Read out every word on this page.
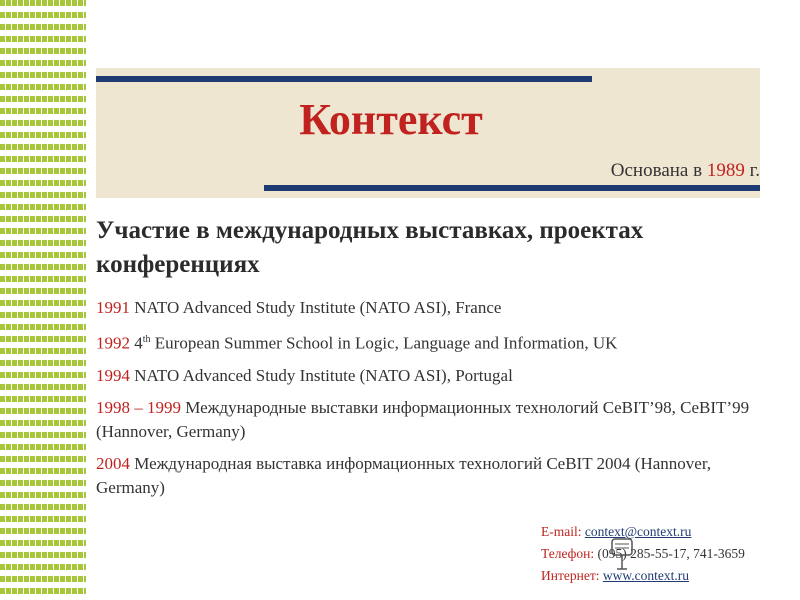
Контекст
Основана в 1989 г.
Участие в международных выставках, проектах конференциях

1991 NATO Advanced Study Institute (NATO ASI), France

1992 4th European Summer School in Logic, Language and Information, UK

1994 NATO Advanced Study Institute (NATO ASI), Portugal

1998 – 1999 Международные выставки информационных технологий CeBIT’98, CeBIT’99 (Hannover, Germany)

2004 Международная выставка информационных технологий CeBIT 2004 (Hannover, Germany)

E-mail: context@context.ru
Телефон: (095) 285-55-17, 741-3659
Интернет: www.context.ru
